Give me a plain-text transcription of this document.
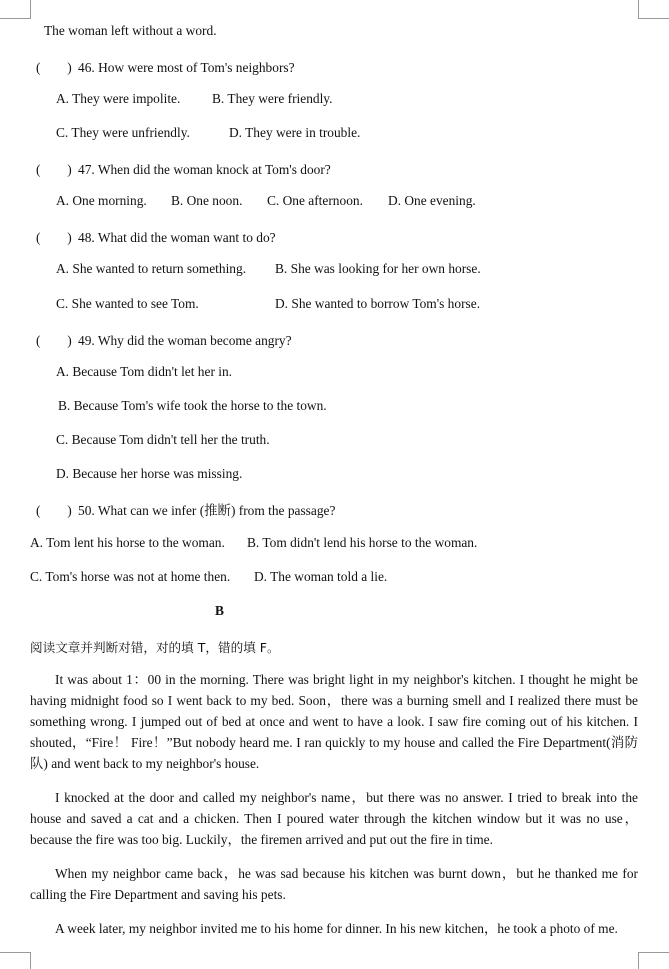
The woman left without a word.
(　　) 46. How were most of Tom's neighbors?
A. They were impolite. B. They were friendly.
C. They were unfriendly.	D. They were in trouble.
(　　) 47. When did the woman knock at Tom's door?
A. One morning. B. One noon. C. One afternoon. D. One evening.
(　　) 48. What did the woman want to do?
A. She wanted to return something. B. She was looking for her own horse.
C. She wanted to see Tom.	D. She wanted to borrow Tom's horse.
(　　) 49. Why did the woman become angry?
A. Because Tom didn't let her in.
B. Because Tom's wife took the horse to the town.
C. Because Tom didn't tell her the truth.
D. Because her horse was missing.
(　　) 50. What can we infer (推断) from the passage?
A. Tom lent his horse to the woman. B. Tom didn't lend his horse to the woman.
C. Tom's horse was not at home then. D. The woman told a lie.
B
阅读文章并判断对错，对的填 T，错的填 F。
It was about 1：00 in the morning. There was bright light in my neighbor's kitchen. I thought he might be having midnight food so I went back to my bed. Soon，there was a burning smell and I realized there must be something wrong. I jumped out of bed at once and went to have a look. I saw fire coming out of his kitchen. I shouted，“Fire！ Fire！”But nobody heard me. I ran quickly to my house and called the Fire Department(消防队) and went back to my neighbor's house.
I knocked at the door and called my neighbor's name，but there was no answer. I tried to break into the house and saved a cat and a chicken. Then I poured water through the kitchen window but it was no use，because the fire was too big. Luckily，the firemen arrived and put out the fire in time.
When my neighbor came back，he was sad because his kitchen was burnt down，but he thanked me for calling the Fire Department and saving his pets.
A week later, my neighbor invited me to his home for dinner. In his new kitchen，he took a photo of me.
